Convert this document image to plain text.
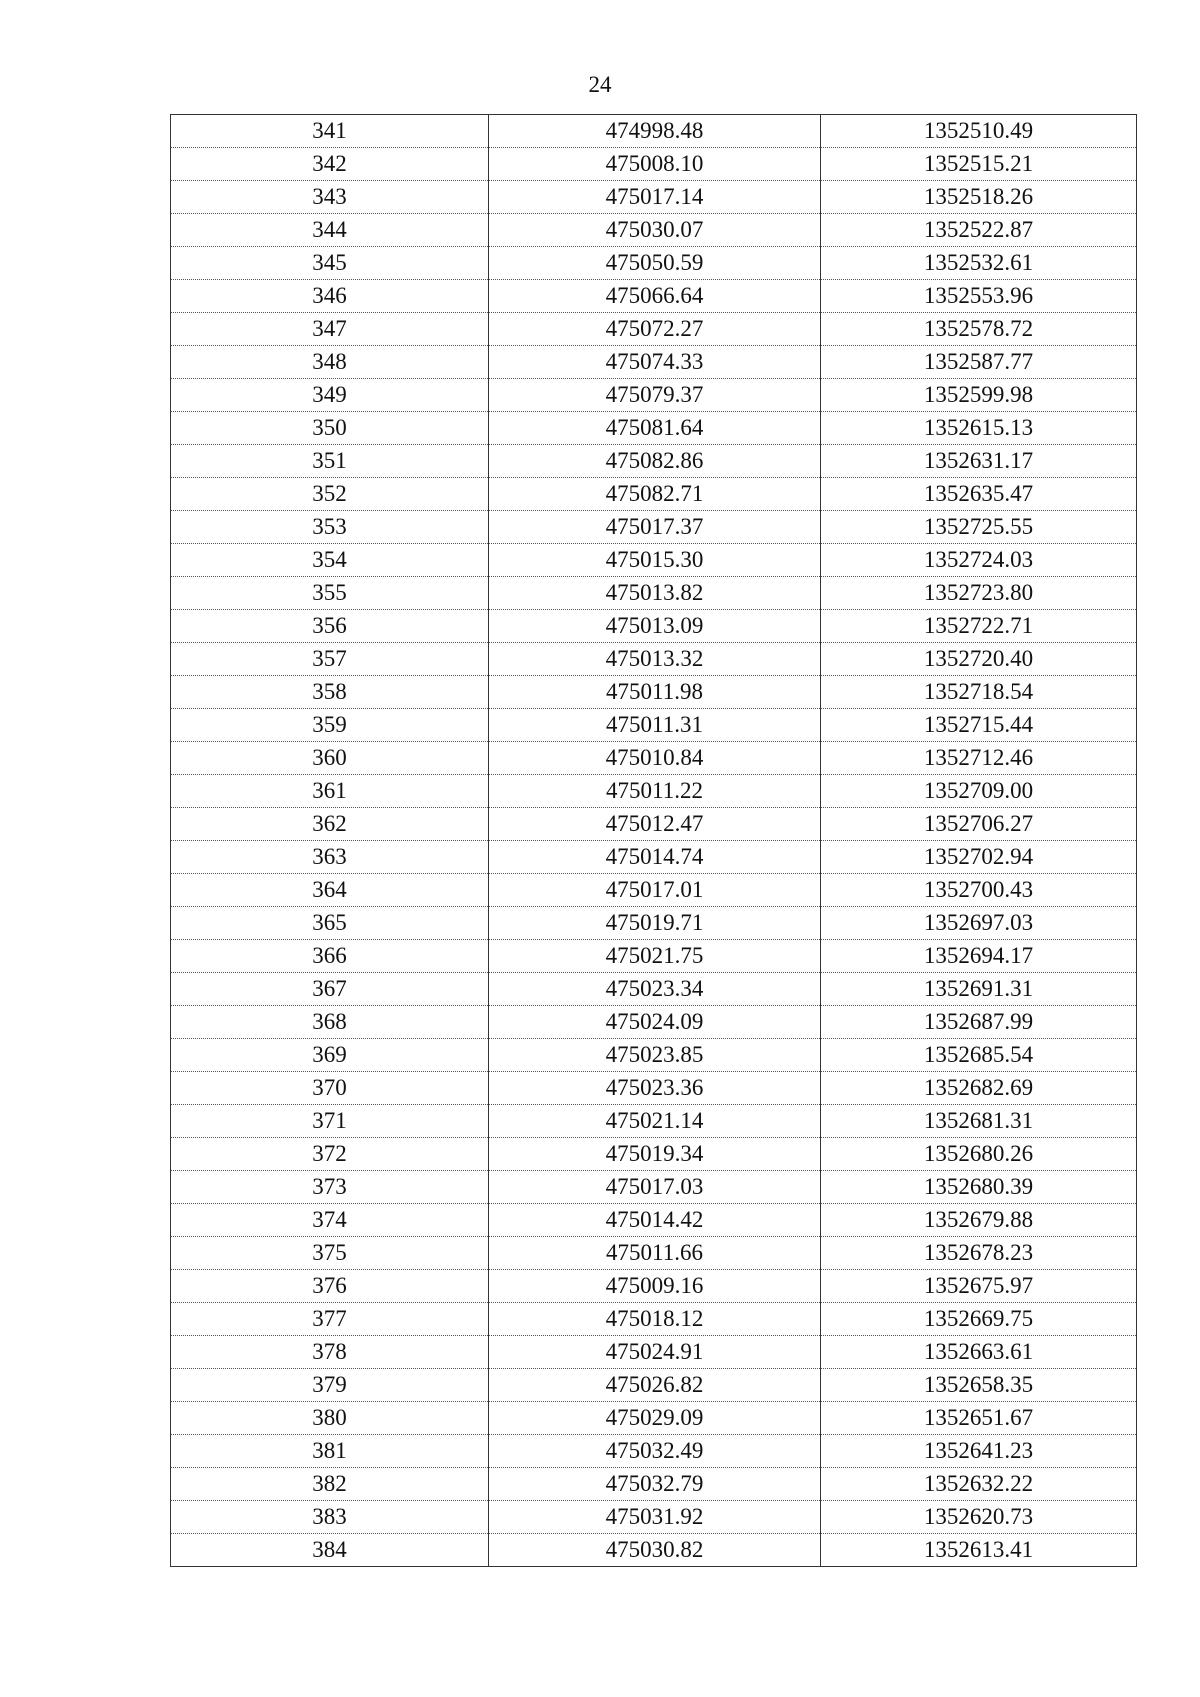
24
341	474998.48	1352510.49
342	475008.10	1352515.21
343	475017.14	1352518.26
344	475030.07	1352522.87
345	475050.59	1352532.61
346	475066.64	1352553.96
347	475072.27	1352578.72
348	475074.33	1352587.77
349	475079.37	1352599.98
350	475081.64	1352615.13
351	475082.86	1352631.17
352	475082.71	1352635.47
353	475017.37	1352725.55
354	475015.30	1352724.03
355	475013.82	1352723.80
356	475013.09	1352722.71
357	475013.32	1352720.40
358	475011.98	1352718.54
359	475011.31	1352715.44
360	475010.84	1352712.46
361	475011.22	1352709.00
362	475012.47	1352706.27
363	475014.74	1352702.94
364	475017.01	1352700.43
365	475019.71	1352697.03
366	475021.75	1352694.17
367	475023.34	1352691.31
368	475024.09	1352687.99
369	475023.85	1352685.54
370	475023.36	1352682.69
371	475021.14	1352681.31
372	475019.34	1352680.26
373	475017.03	1352680.39
374	475014.42	1352679.88
375	475011.66	1352678.23
376	475009.16	1352675.97
377	475018.12	1352669.75
378	475024.91	1352663.61
379	475026.82	1352658.35
380	475029.09	1352651.67
381	475032.49	1352641.23
382	475032.79	1352632.22
383	475031.92	1352620.73
384	475030.82	1352613.41
